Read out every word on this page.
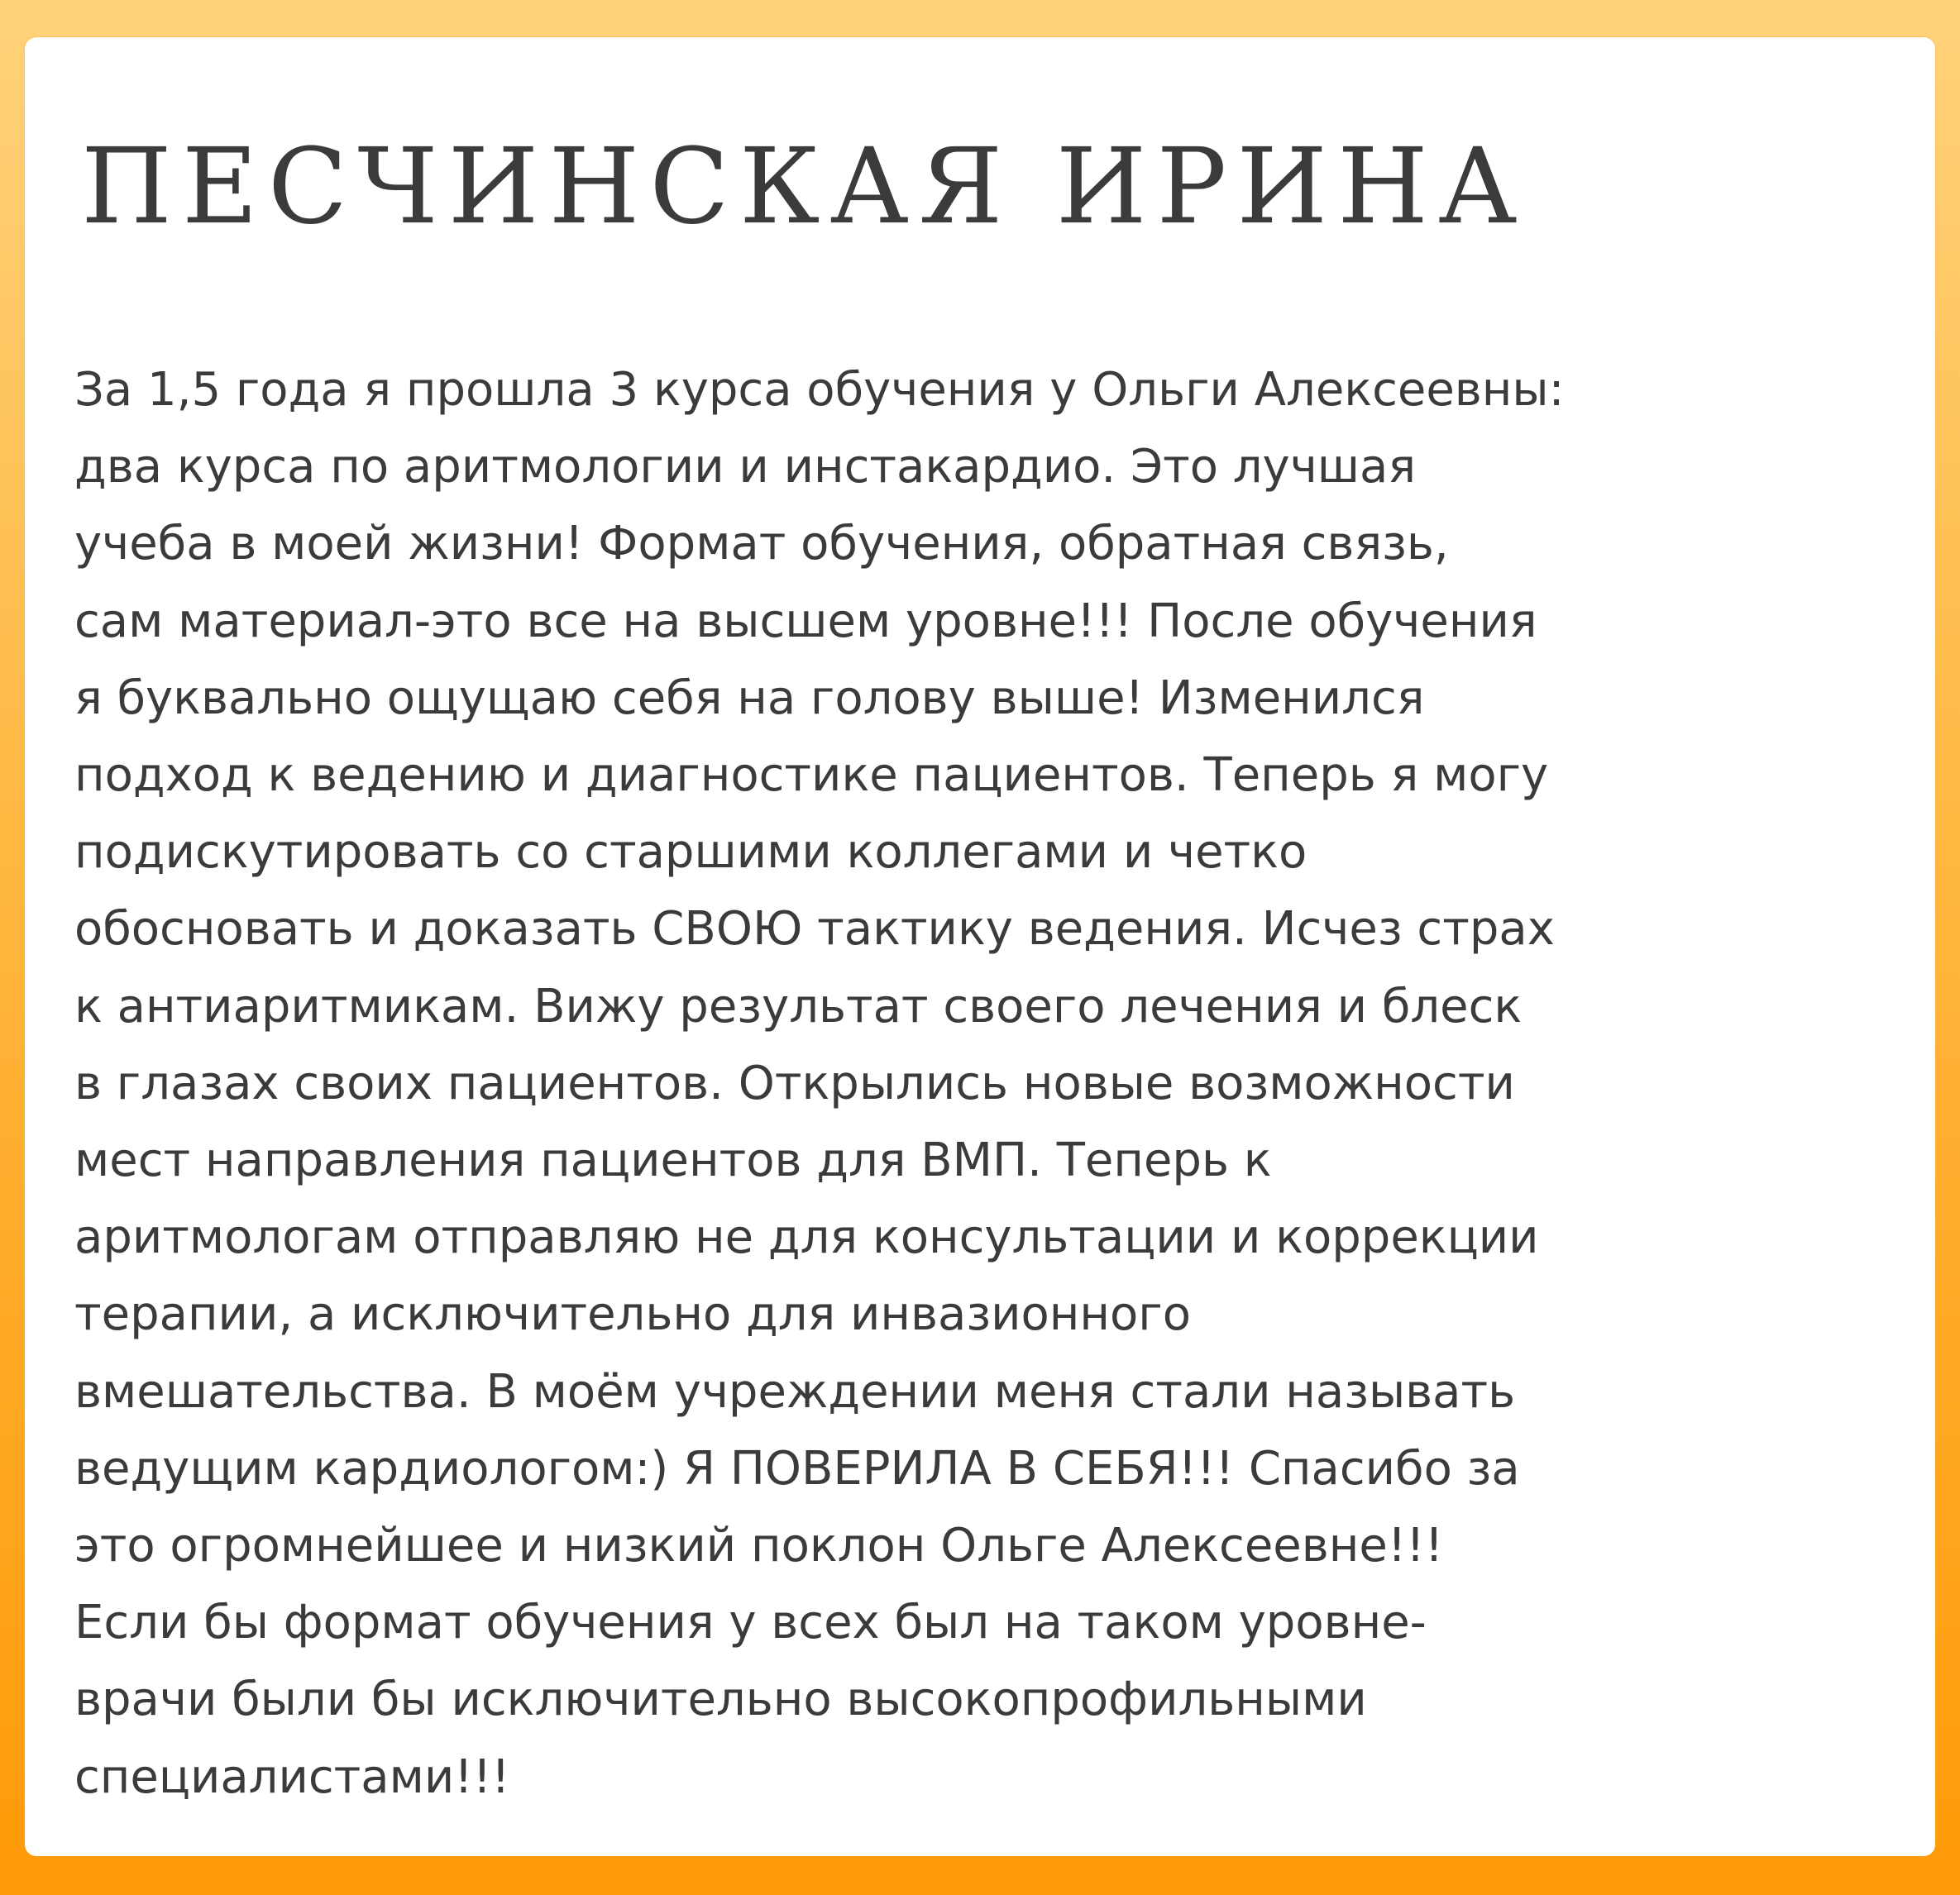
ПЕСЧИНСКАЯ ИРИНА
За 1,5 года я прошла 3 курса обучения у Ольги Алексеевны:
два курса по аритмологии и инстакардио. Это лучшая
учеба в моей жизни! Формат обучения, обратная связь,
сам материал-это все на высшем уровне!!! После обучения
я буквально ощущаю себя на голову выше! Изменился
подход к ведению и диагностике пациентов. Теперь я могу
подискутировать со старшими коллегами и четко
обосновать и доказать СВОЮ тактику ведения. Исчез страх
к антиаритмикам. Вижу результат своего лечения и блеск
в глазах своих пациентов. Открылись новые возможности
мест направления пациентов для ВМП. Теперь к
аритмологам отправляю не для консультации и коррекции
терапии, а исключительно для инвазионного
вмешательства. В моём учреждении меня стали называть
ведущим кардиологом:) Я ПОВЕРИЛА В СЕБЯ!!! Спасибо за
это огромнейшее и низкий поклон Ольге Алексеевне!!!
Если бы формат обучения у всех был на таком уровне-
врачи были бы исключительно высокопрофильными
специалистами!!!
